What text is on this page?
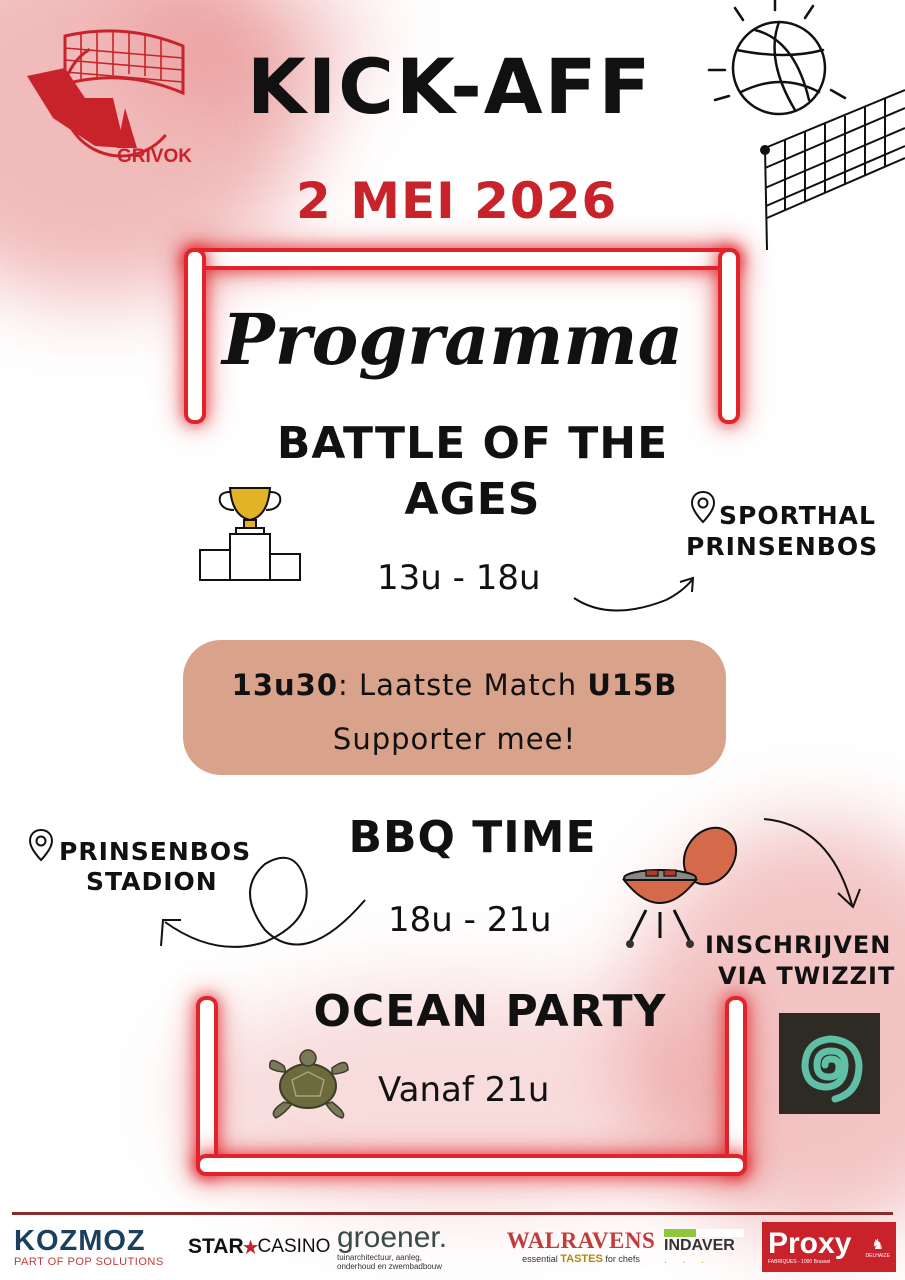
GRIVOK
KICK-AFF
2 MEI 2026
Programma
BATTLE OF THE
AGES
13u - 18u
SPORTHAL
PRINSENBOS
13u30: Laatste Match U15B
Supporter mee!
BBQ TIME
18u - 21u
PRINSENBOS
STADION
INSCHRIJVEN
VIA TWIZZIT
OCEAN PARTY
Vanaf 21u
KOZMOZ
PART OF POP SOLUTIONS
STAR
★
CASINO groener.
tuinarchitectuur, aanleg,
onderhoud en zwembadbouw
WALRAVENS
essential TASTES for chefs
INDAVER
. . . Proxy
FABRIQUES - 1000 Brussel
♞
DELHAIZE
